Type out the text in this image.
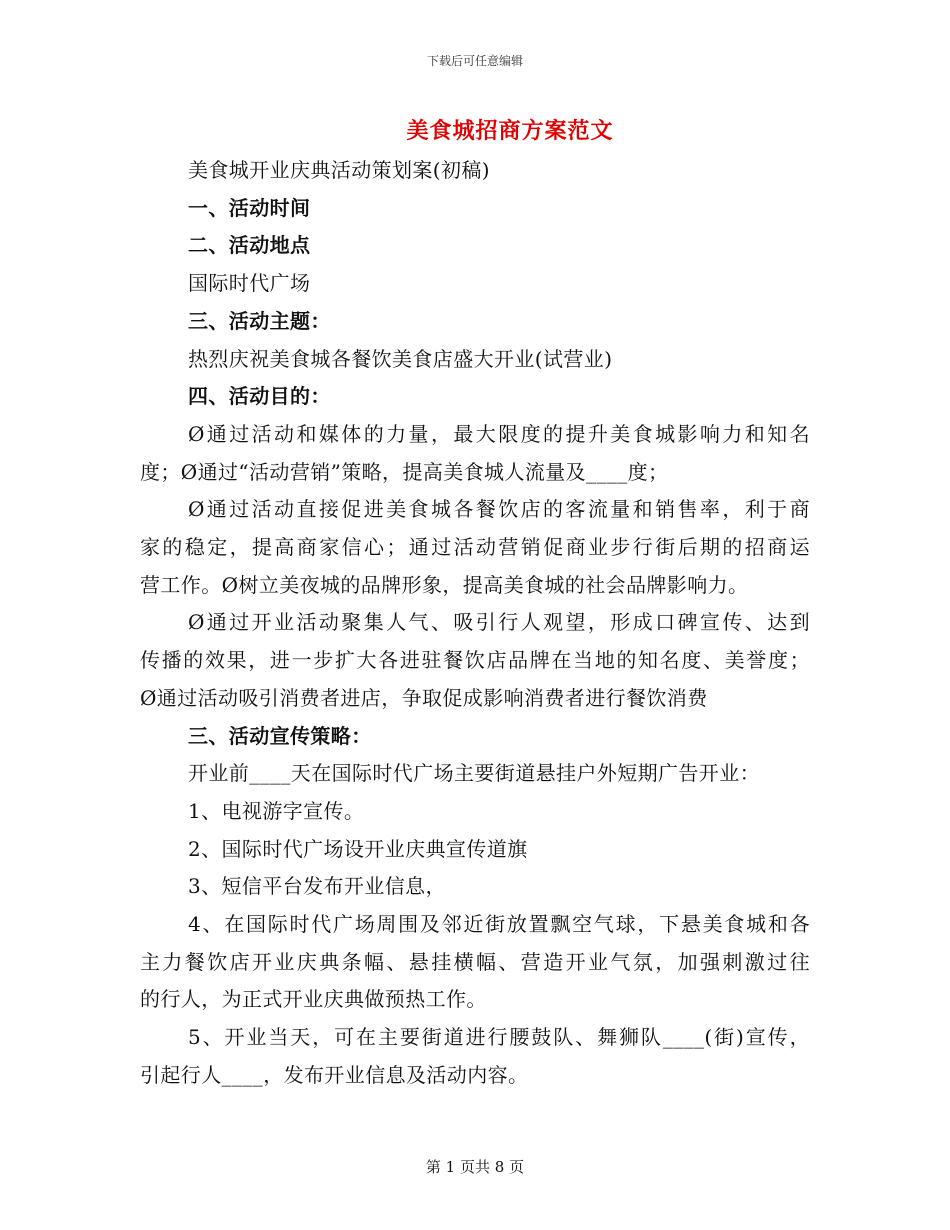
下载后可任意编辑
美食城招商方案范文
美食城开业庆典活动策划案(初稿)
一、活动时间
二、活动地点
国际时代广场
三、活动主题：
热烈庆祝美食城各餐饮美食店盛大开业(试营业)
四、活动目的：
Ø通过活动和媒体的力量，最大限度的提升美食城影响力和知名
度；Ø通过“活动营销”策略，提高美食城人流量及____度；
Ø通过活动直接促进美食城各餐饮店的客流量和销售率，利于商
家的稳定，提高商家信心；通过活动营销促商业步行街后期的招商运
营工作。Ø树立美夜城的品牌形象，提高美食城的社会品牌影响力。
Ø通过开业活动聚集人气、吸引行人观望，形成口碑宣传、达到
传播的效果，进一步扩大各进驻餐饮店品牌在当地的知名度、美誉度；
Ø通过活动吸引消费者进店，争取促成影响消费者进行餐饮消费
三、活动宣传策略：
开业前____天在国际时代广场主要街道悬挂户外短期广告开业：
1、电视游字宣传。
2、国际时代广场设开业庆典宣传道旗
3、短信平台发布开业信息，
4、在国际时代广场周围及邻近街放置飘空气球，下悬美食城和各
主力餐饮店开业庆典条幅、悬挂横幅、营造开业气氛，加强刺激过往
的行人，为正式开业庆典做预热工作。
5、开业当天，可在主要街道进行腰鼓队、舞狮队____(街)宣传，
引起行人____，发布开业信息及活动内容。
第 1 页共 8 页
